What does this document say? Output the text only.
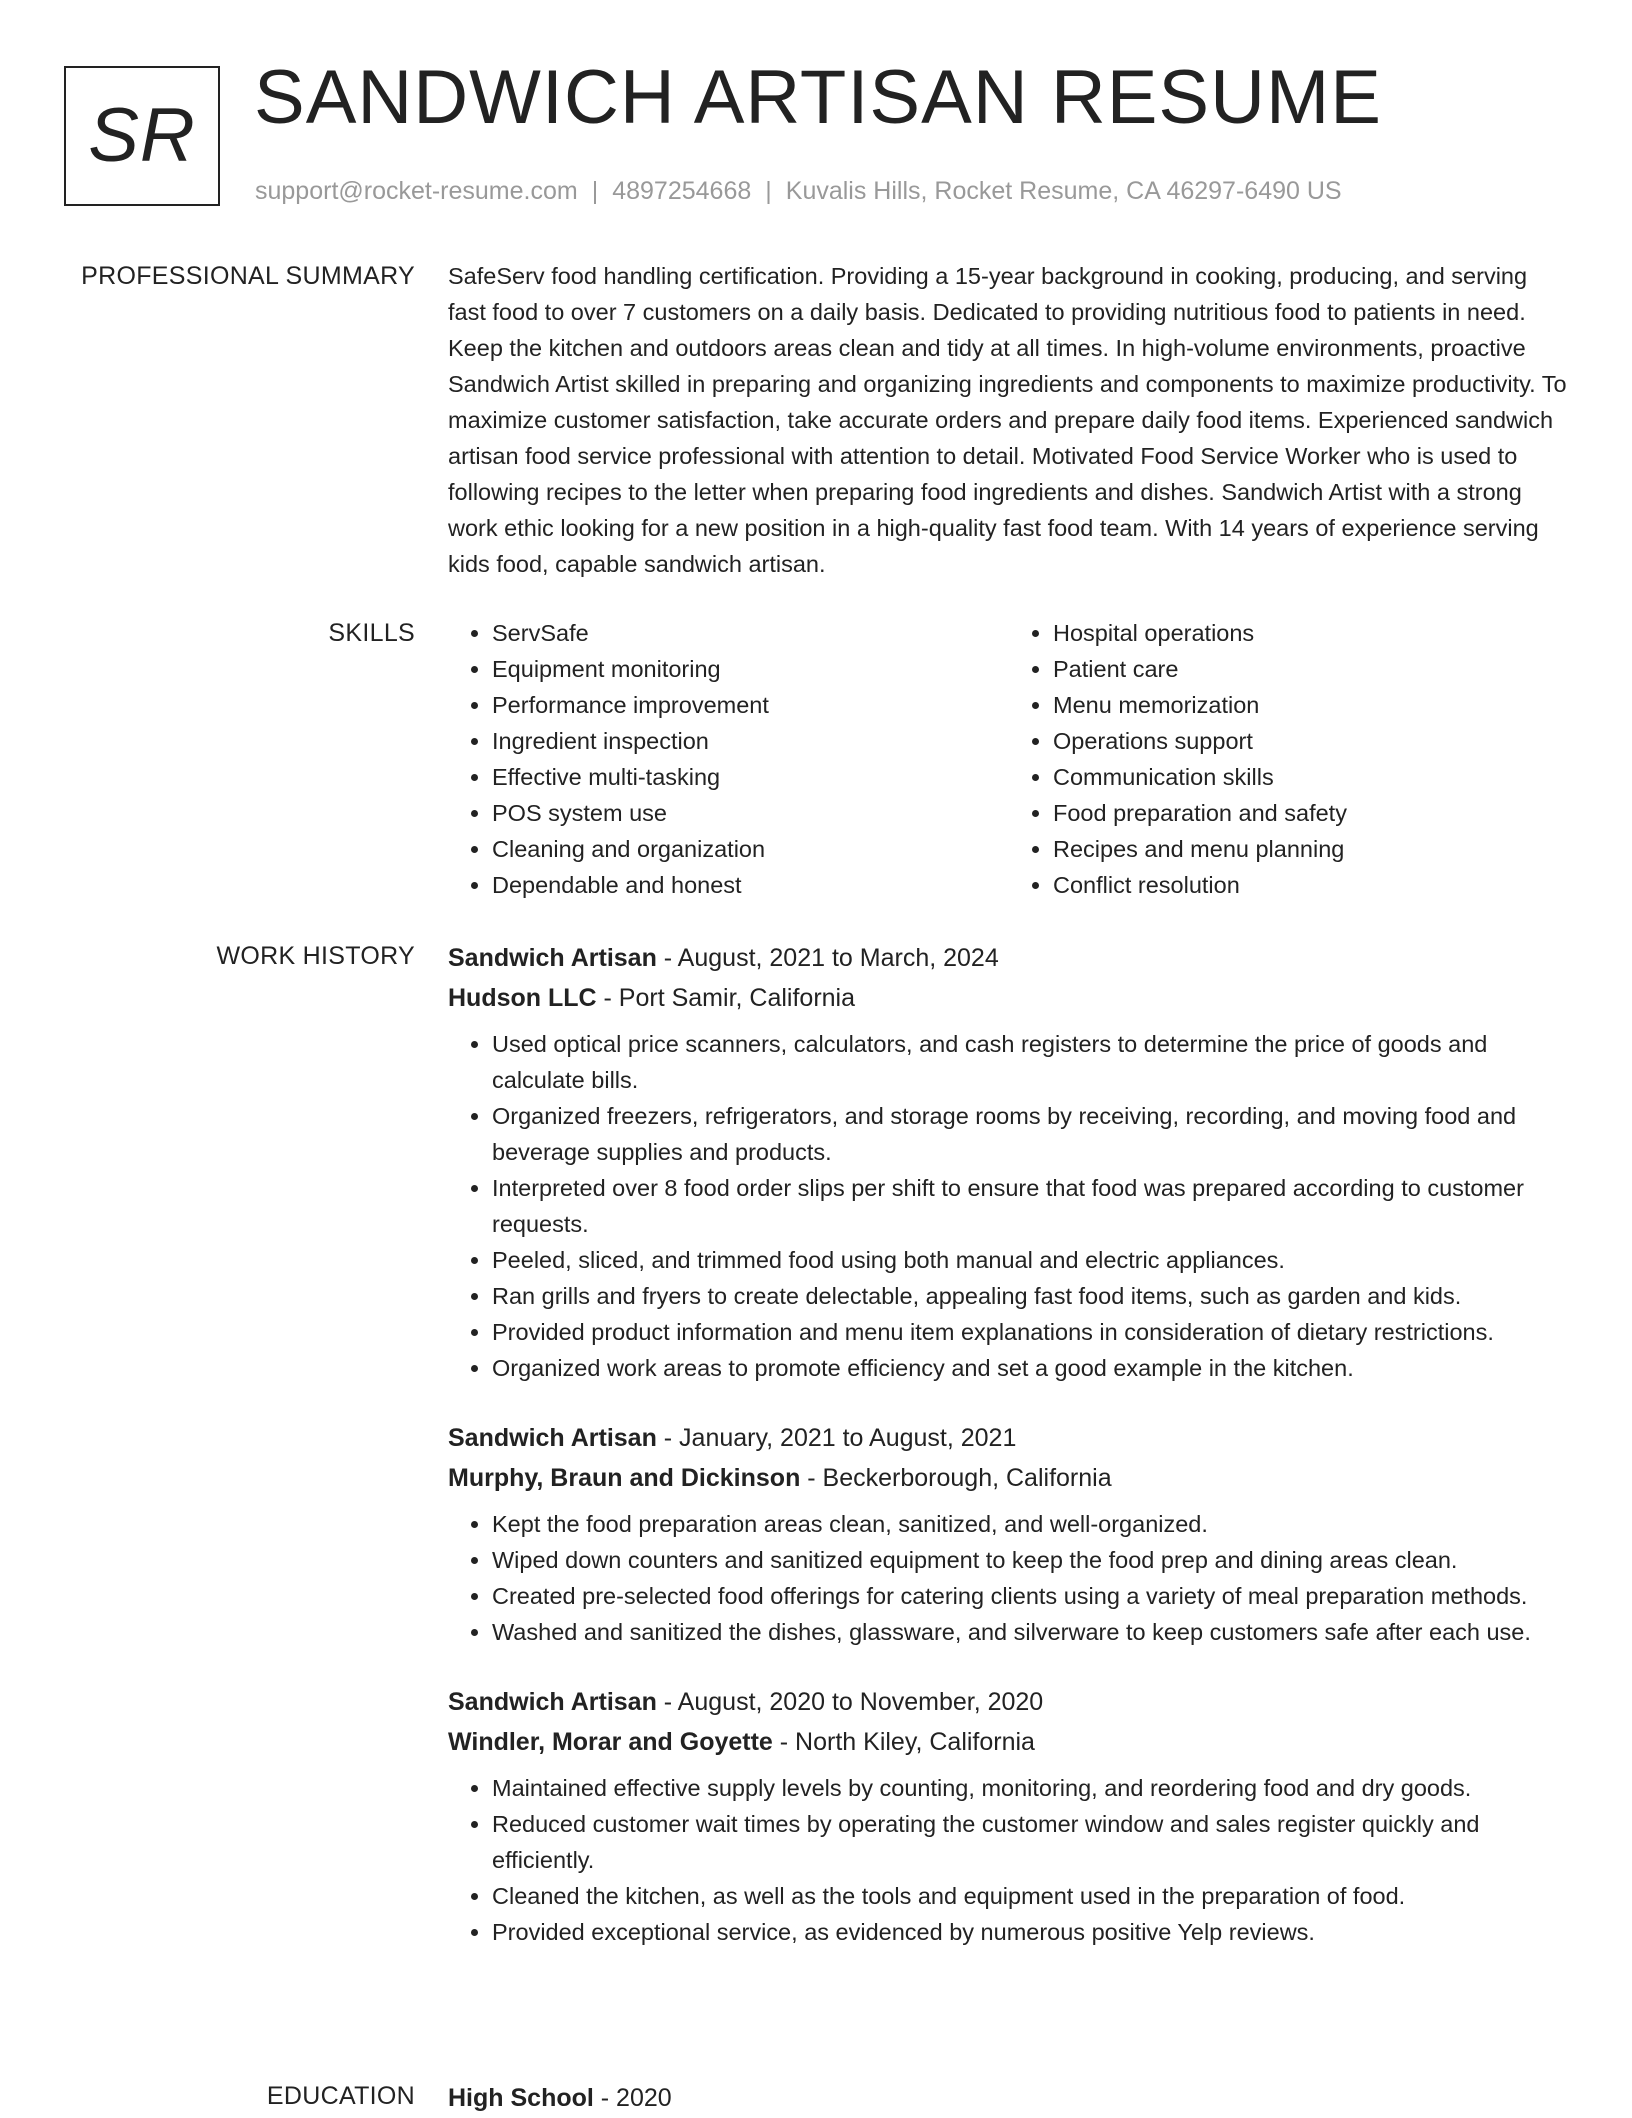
SR SANDWICH ARTISAN RESUME
support@rocket-resume.com | 4897254668 | Kuvalis Hills, Rocket Resume, CA 46297-6490 US
PROFESSIONAL SUMMARY SafeServ food handling certification. Providing a 15-year background in cooking, producing, and serving fast food to over 7 customers on a daily basis. Dedicated to providing nutritious food to patients in need. Keep the kitchen and outdoors areas clean and tidy at all times. In high-volume environments, proactive Sandwich Artist skilled in preparing and organizing ingredients and components to maximize productivity. To maximize customer satisfaction, take accurate orders and prepare daily food items. Experienced sandwich artisan food service professional with attention to detail. Motivated Food Service Worker who is used to following recipes to the letter when preparing food ingredients and dishes. Sandwich Artist with a strong work ethic looking for a new position in a high-quality fast food team. With 14 years of experience serving kids food, capable sandwich artisan.

SKILLS
•	ServSafe
• Equipment monitoring
• Performance improvement
• Ingredient inspection
• Effective multi-tasking
• POS system use
• Cleaning and organization
• Dependable and honest
• Hospital operations
• Patient care
• Menu memorization
• Operations support
• Communication skills
• Food preparation and safety
• Recipes and menu planning
• Conflict resolution
WORK HISTORY Sandwich Artisan - August, 2021 to March, 2024
Hudson LLC - Port Samir, California
• Used optical price scanners, calculators, and cash registers to determine the price of goods and calculate bills.
• Organized freezers, refrigerators, and storage rooms by receiving, recording, and moving food and beverage supplies and products.
• Interpreted over 8 food order slips per shift to ensure that food was prepared according to customer requests.
• Peeled, sliced, and trimmed food using both manual and electric appliances.
• Ran grills and fryers to create delectable, appealing fast food items, such as garden and kids.
• Provided product information and menu item explanations in consideration of dietary restrictions.
• Organized work areas to promote efficiency and set a good example in the kitchen.
Sandwich Artisan - January, 2021 to August, 2021
Murphy, Braun and Dickinson - Beckerborough, California
• Kept the food preparation areas clean, sanitized, and well-organized.
• Wiped down counters and sanitized equipment to keep the food prep and dining areas clean.
• Created pre-selected food offerings for catering clients using a variety of meal preparation methods.
• Washed and sanitized the dishes, glassware, and silverware to keep customers safe after each use.
Sandwich Artisan - August, 2020 to November, 2020
Windler, Morar and Goyette - North Kiley, California
• Maintained effective supply levels by counting, monitoring, and reordering food and dry goods.
• Reduced customer wait times by operating the customer window and sales register quickly and efficiently.
• Cleaned the kitchen, as well as the tools and equipment used in the preparation of food.
• Provided exceptional service, as evidenced by numerous positive Yelp reviews.
EDUCATION High School - 2020
